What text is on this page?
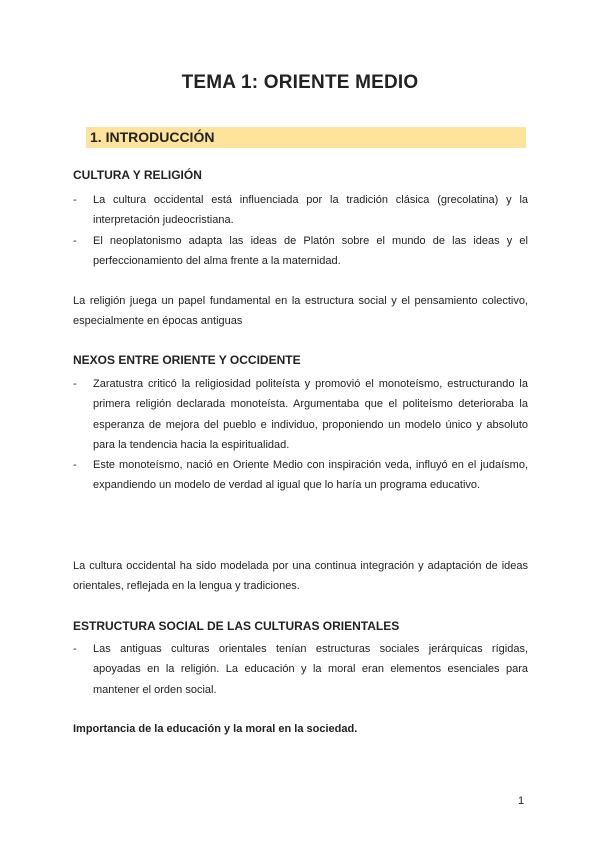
TEMA 1: ORIENTE MEDIO
1. INTRODUCCIÓN
CULTURA Y RELIGIÓN
- La cultura occidental está influenciada por la tradición clásica (grecolatina) y la interpretación judeocristiana.
- El neoplatonismo adapta las ideas de Platón sobre el mundo de las ideas y el perfeccionamiento del alma frente a la maternidad.

La religión juega un papel fundamental en la estructura social y el pensamiento colectivo, especialmente en épocas antiguas

NEXOS ENTRE ORIENTE Y OCCIDENTE
- Zaratustra criticó la religiosidad politeísta y promovió el monoteísmo, estructurando la primera religión declarada monoteísta. Argumentaba que el politeísmo deterioraba la esperanza de mejora del pueblo e individuo, proponiendo un modelo único y absoluto para la tendencia hacia la espiritualidad.
- Este monoteísmo, nació en Oriente Medio con inspiración veda, influyó en el judaísmo, expandiendo un modelo de verdad al igual que lo haría un programa educativo.

La cultura occidental ha sido modelada por una continua integración y adaptación de ideas orientales, reflejada en la lengua y tradiciones.

ESTRUCTURA SOCIAL DE LAS CULTURAS ORIENTALES
- Las antiguas culturas orientales tenían estructuras sociales jerárquicas rígidas, apoyadas en la religión. La educación y la moral eran elementos esenciales para mantener el orden social.

Importancia de la educación y la moral en la sociedad.

1
